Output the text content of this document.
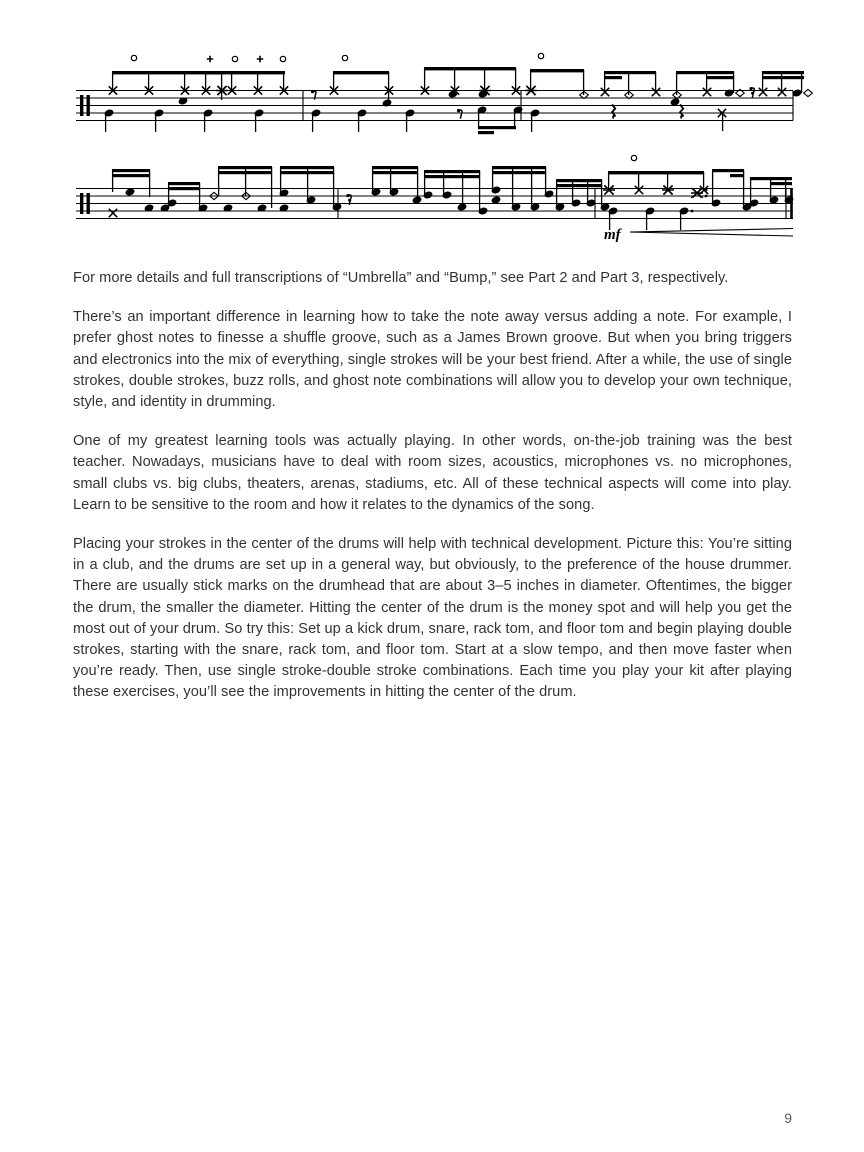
mf

For more details and full transcriptions of “Umbrella” and “Bump,” see Part 2 and Part 3, respectively.

There’s an important difference in learning how to take the note away versus adding a note. For example, I prefer ghost notes to finesse a shuffle groove, such as a James Brown groove. But when you bring triggers and electronics into the mix of everything, single strokes will be your best friend. After a while, the use of single strokes, double strokes, buzz rolls, and ghost note combinations will allow you to develop your own technique, style, and identity in drumming.

One of my greatest learning tools was actually playing. In other words, on-the-job training was the best teacher. Nowadays, musicians have to deal with room sizes, acoustics, microphones vs. no microphones, small clubs vs. big clubs, theaters, arenas, stadiums, etc. All of these technical aspects will come into play. Learn to be sensitive to the room and how it relates to the dynamics of the song.

Placing your strokes in the center of the drums will help with technical development. Picture this: You’re sitting in a club, and the drums are set up in a general way, but obviously, to the preference of the house drummer. There are usually stick marks on the drumhead that are about 3–5 inches in diameter. Oftentimes, the bigger the drum, the smaller the diameter. Hitting the center of the drum is the money spot and will help you get the most out of your drum. So try this: Set up a kick drum, snare, rack tom, and floor tom and begin playing double strokes, starting with the snare, rack tom, and floor tom. Start at a slow tempo, and then move faster when you’re ready. Then, use single stroke-double stroke combinations. Each time you play your kit after playing these exercises, you’ll see the improvements in hitting the center of the drum.

9
